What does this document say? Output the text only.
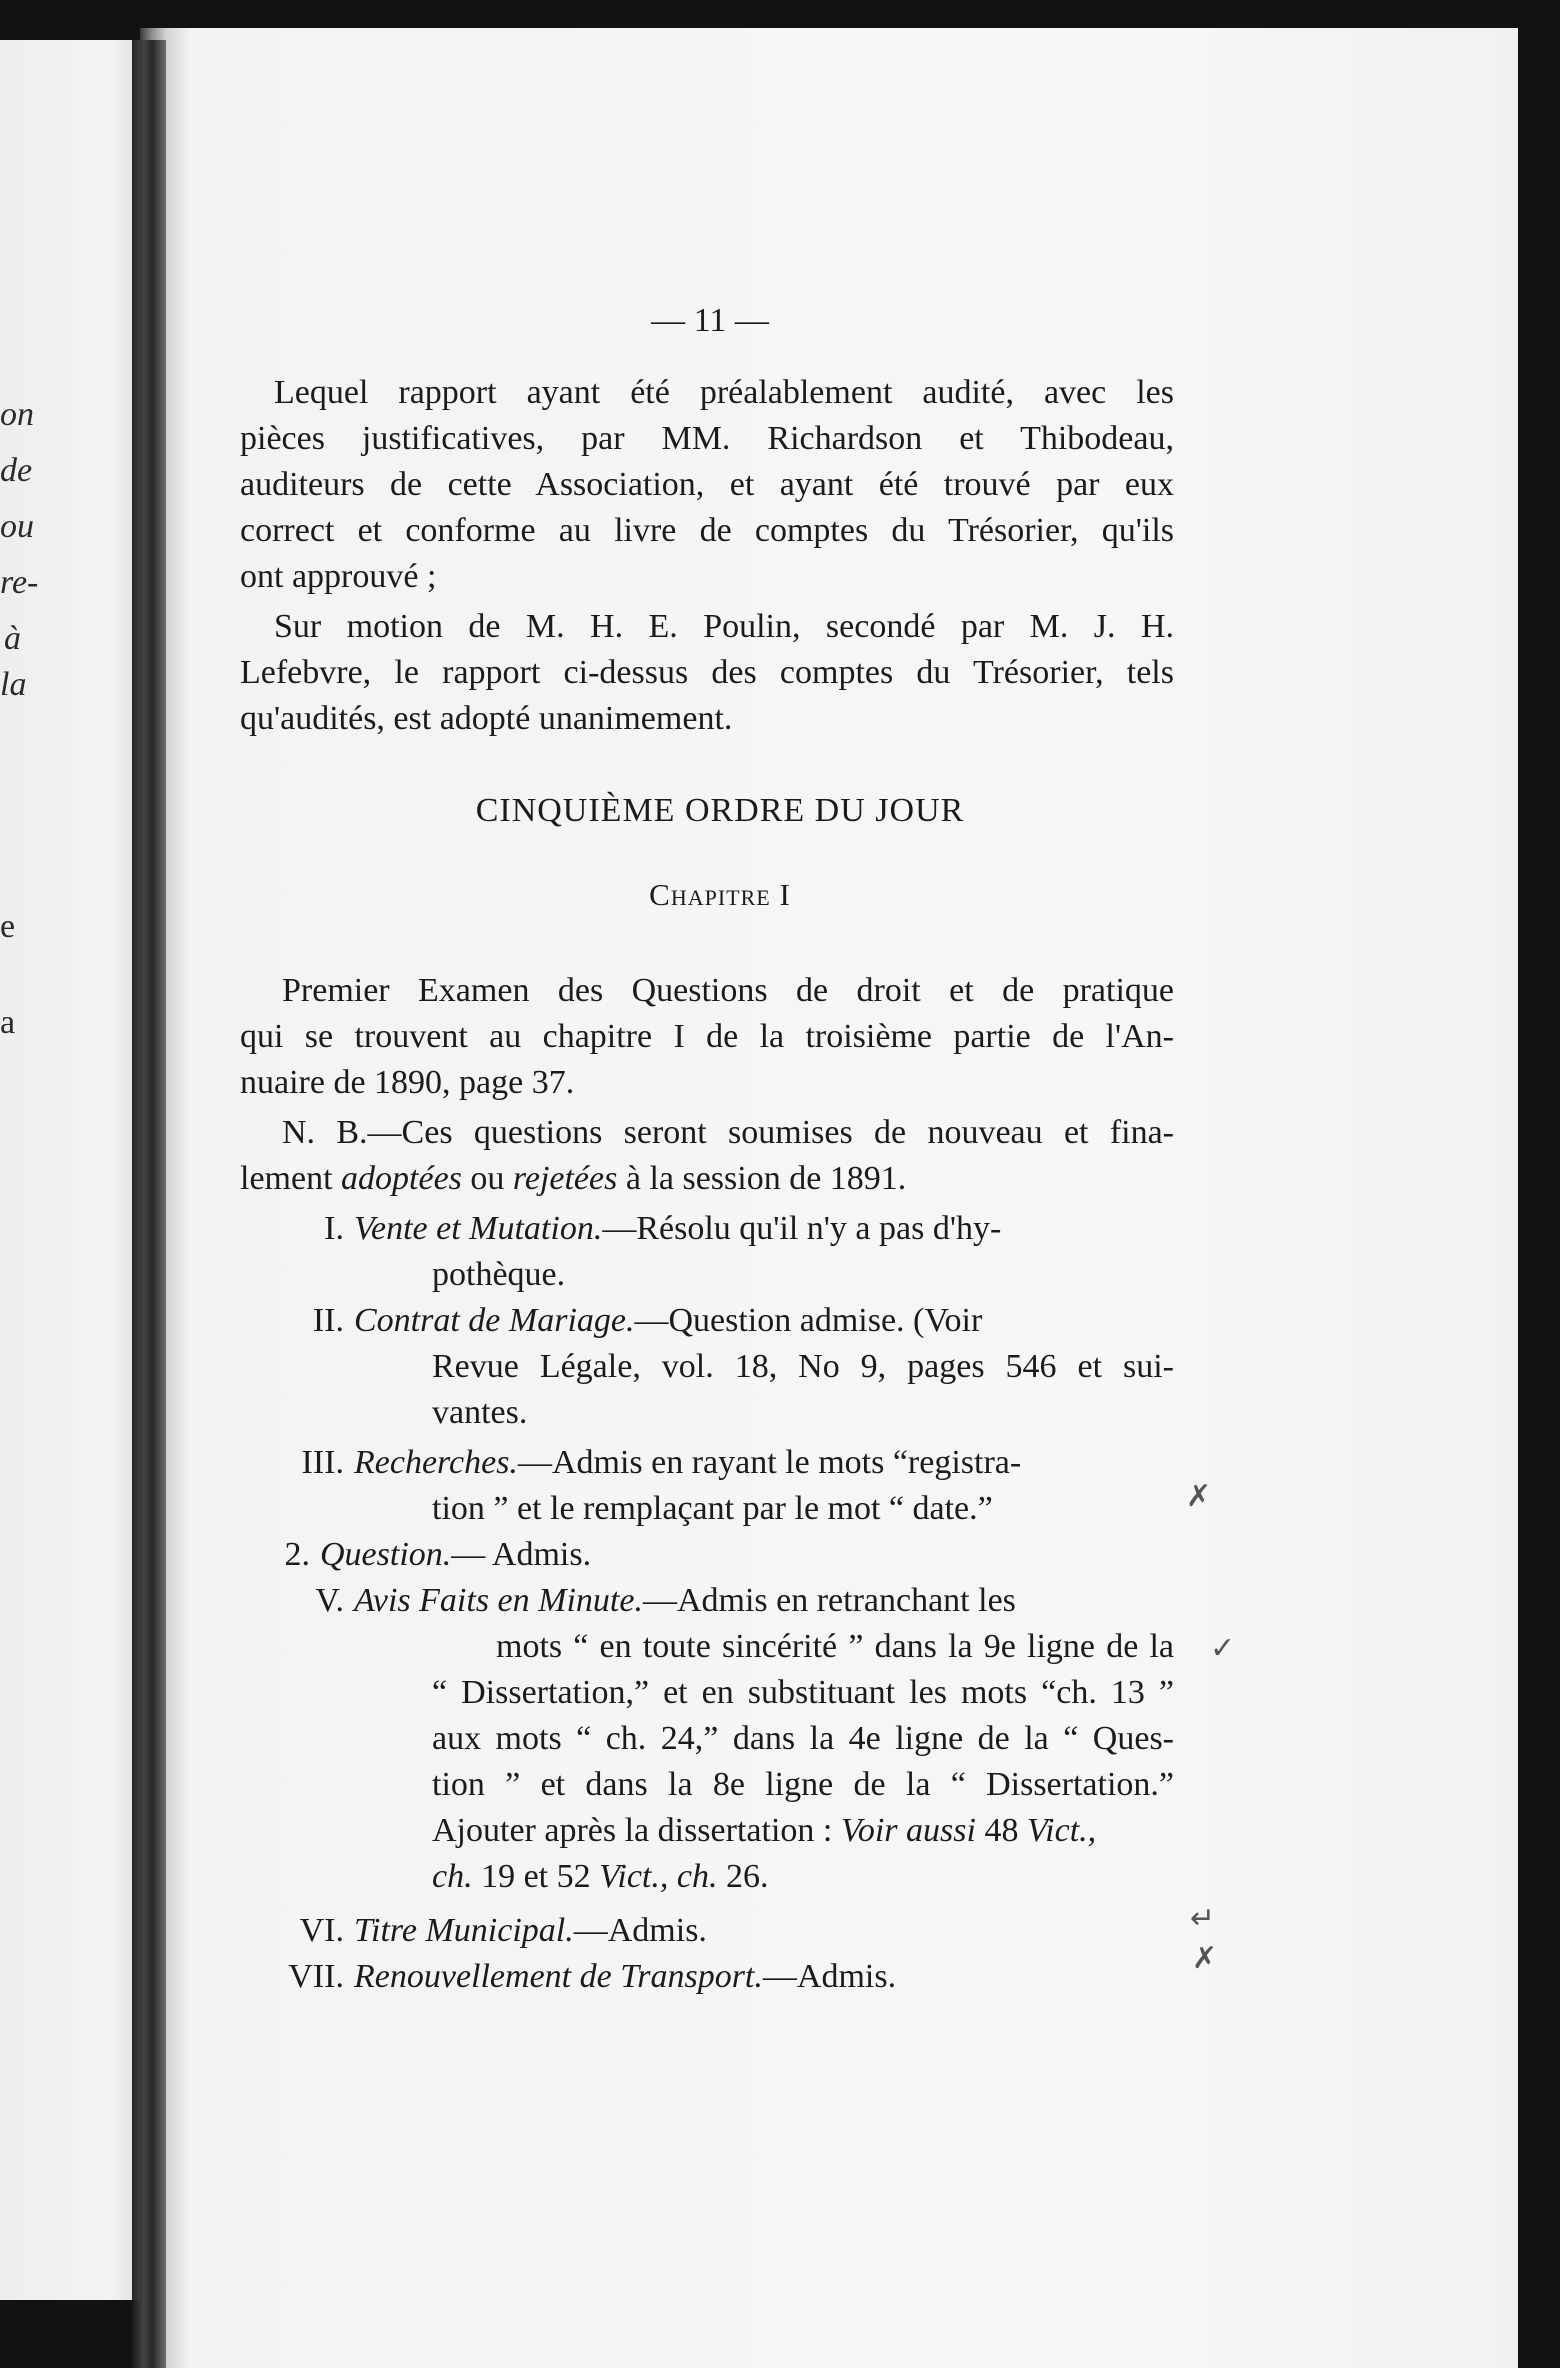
on
de
ou
re-
à
la
e
a
— 11 —
Lequel rapport ayant été préalablement audité, avec les
pièces justificatives, par MM. Richardson et Thibodeau,
auditeurs de cette Association, et ayant été trouvé par eux
correct et conforme au livre de comptes du Trésorier, qu'ils
ont approuvé ;
Sur motion de M. H. E. Poulin, secondé par M. J. H.
Lefebvre, le rapport ci-dessus des comptes du Trésorier, tels
qu'audités, est adopté unanimement.
CINQUIÈME ORDRE DU JOUR
Chapitre I
Premier Examen des Questions de droit et de pratique
qui se trouvent au chapitre I de la troisième partie de l'An-
nuaire de 1890, page 37.
N. B.—Ces questions seront soumises de nouveau et fina-
lement adoptées ou rejetées à la session de 1891.
I. Vente et Mutation.—Résolu qu'il n'y a pas d'hy-
pothèque.
II. Contrat de Mariage.—Question admise. (Voir
Revue Légale, vol. 18, No 9, pages 546 et sui-
vantes.
III. Recherches.—Admis en rayant le mots “registra-
tion ” et le remplaçant par le mot “ date.”
2. Question.— Admis.
V. Avis Faits en Minute.—Admis en retranchant les
mots “ en toute sincérité ” dans la 9e ligne de la
“ Dissertation,” et en substituant les mots “ch. 13 ”
aux mots “ ch. 24,” dans la 4e ligne de la “ Ques-
tion ” et dans la 8e ligne de la “ Dissertation.”
Ajouter après la dissertation : Voir aussi 48 Vict.,
ch. 19 et 52 Vict., ch. 26.
VI. Titre Municipal.—Admis.
VII. Renouvellement de Transport.—Admis.
✗
✓
↵
✗
